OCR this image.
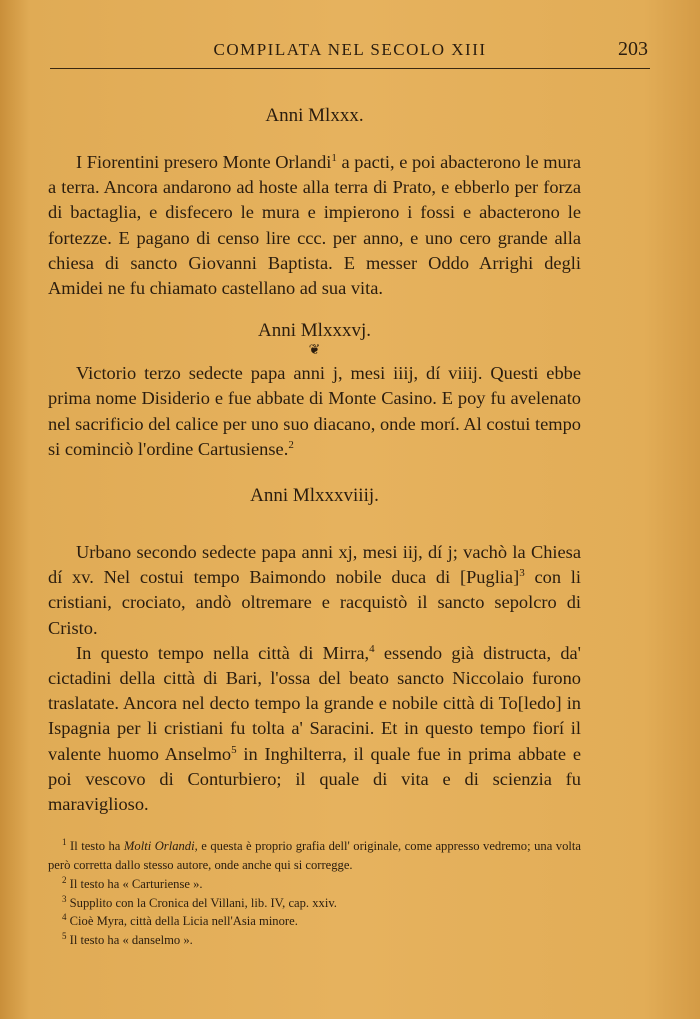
COMPILATA NEL SECOLO XIII	203

Anni Mlxxx.

I Fiorentini presero Monte Orlandi$^1$ a pacti, e poi abacterono le mura a terra. Ancora andarono ad hoste alla terra di Prato, e ebberlo per forza di bactaglia, e disfecero le mura e impierono i fossi e abacterono le fortezze. E pagano di censo lire ccc. per anno, e uno cero grande alla chiesa di sancto Giovanni Baptista. E messer Oddo Arrighi degli Amidei ne fu chiamato castellano ad sua vita.

Anni Mlxxxvj.

❦

Victorio terzo sedecte papa anni j, mesi iiij, dí viiij. Questi ebbe prima nome Disiderio e fue abbate di Monte Casino. E poy fu avelenato nel sacrificio del calice per uno suo diacano, onde morí. Al costui tempo si cominciò l'ordine Cartusiense.$^2$

Anni Mlxxxviiij.

Urbano secondo sedecte papa anni xj, mesi iij, dí j; vachò la Chiesa dí xv. Nel costui tempo Baimondo nobile duca di [Puglia]$^3$ con li cristiani, crociato, andò oltremare e racquistò il sancto sepolcro di Cristo.

In questo tempo nella città di Mirra,$^4$ essendo già distructa, da' cictadini della città di Bari, l'ossa del beato sancto Niccolaio furono traslatate. Ancora nel decto tempo la grande e nobile città di To[ledo] in Ispagnia per li cristiani fu tolta a' Saracini. Et in questo tempo fiorí il valente huomo Anselmo$^5$ in Inghilterra, il quale fue in prima abbate e poi vescovo di Conturbiero; il quale di vita e di scienzia fu maraviglioso.

$^1$ Il testo ha Molti Orlandi, e questa è proprio grafia dell' originale, come appresso vedremo; una volta però corretta dallo stesso autore, onde anche qui si corregge.

$^2$ Il testo ha « Carturiense ».

$^3$ Supplito con la Cronica del Villani, lib. IV, cap. xxiv.

$^4$ Cioè Myra, città della Licia nell'Asia minore.

$^5$ Il testo ha « danselmo ».
